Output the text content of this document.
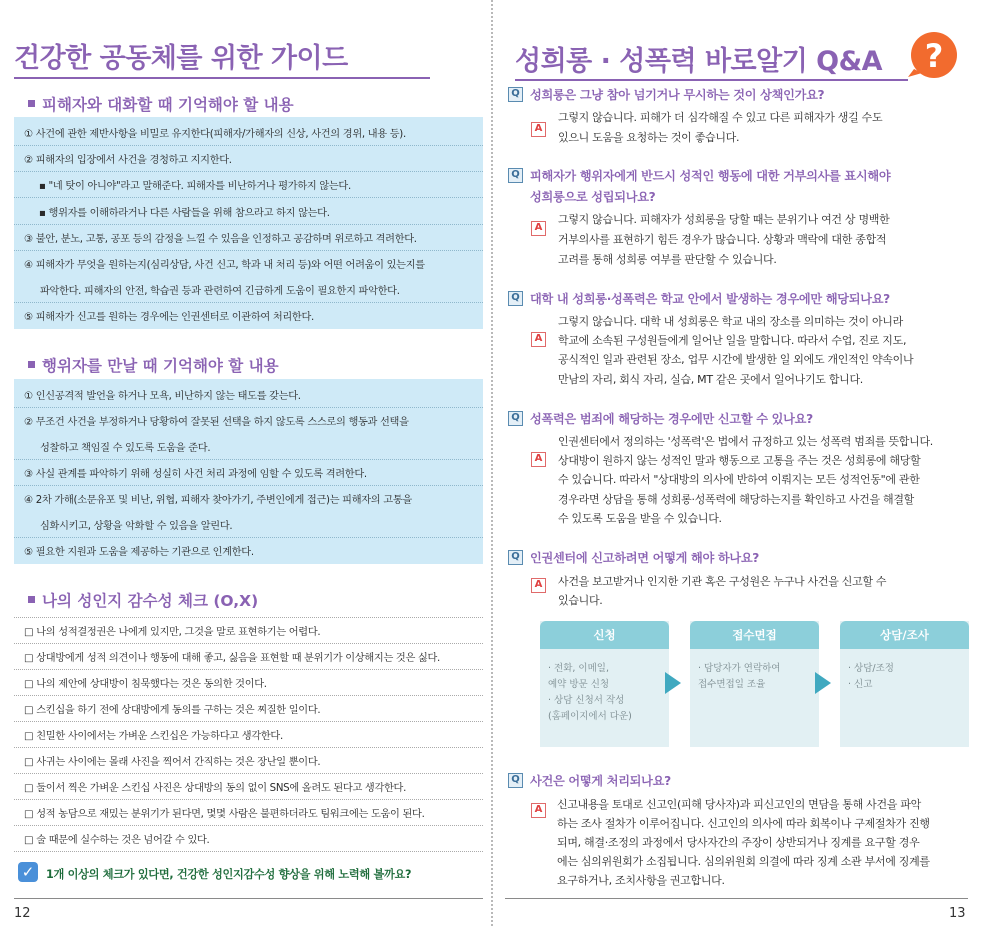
건강한 공동체를 위한 가이드
피해자와 대화할 때 기억해야 할 내용
① 사건에 관한 제반사항을 비밀로 유지한다(피해자/가해자의 신상, 사건의 경위, 내용 등).
② 피해자의 입장에서 사건을 경청하고 지지한다.
▪ "네 탓이 아니야"라고 말해준다. 피해자를 비난하거나 평가하지 않는다.
▪ 행위자를 이해하라거나 다른 사람들을 위해 참으라고 하지 않는다.
③ 불안, 분노, 고통, 공포 등의 감정을 느낄 수 있음을 인정하고 공감하며 위로하고 격려한다.
④ 피해자가 무엇을 원하는지(심리상담, 사건 신고, 학과 내 처리 등)와 어떤 어려움이 있는지를
파악한다. 피해자의 안전, 학습권 등과 관련하여 긴급하게 도움이 필요한지 파악한다.
⑤ 피해자가 신고를 원하는 경우에는 인권센터로 이관하여 처리한다.
행위자를 만날 때 기억해야 할 내용
① 인신공격적 발언을 하거나 모욕, 비난하지 않는 태도를 갖는다.
② 무조건 사건을 부정하거나 당황하여 잘못된 선택을 하지 않도록 스스로의 행동과 선택을
성찰하고 책임질 수 있도록 도움을 준다.
③ 사실 관계를 파악하기 위해 성실히 사건 처리 과정에 임할 수 있도록 격려한다.
④ 2차 가해(소문유포 및 비난, 위협, 피해자 찾아가기, 주변인에게 접근)는 피해자의 고통을
심화시키고, 상황을 악화할 수 있음을 알린다.
⑤ 필요한 지원과 도움을 제공하는 기관으로 인계한다.
나의 성인지 감수성 체크 (O,X)
□ 나의 성적결정권은 나에게 있지만, 그것을 말로 표현하기는 어렵다.
□ 상대방에게 성적 의견이나 행동에 대해 좋고, 싫음을 표현할 때 분위기가 이상해지는 것은 싫다.
□ 나의 제안에 상대방이 침묵했다는 것은 동의한 것이다.
□ 스킨십을 하기 전에 상대방에게 동의를 구하는 것은 찌질한 일이다.
□ 친밀한 사이에서는 가벼운 스킨십은 가능하다고 생각한다.
□ 사귀는 사이에는 몰래 사진을 찍어서 간직하는 것은 장난일 뿐이다.
□ 둘이서 찍은 가벼운 스킨십 사진은 상대방의 동의 없이 SNS에 올려도 된다고 생각한다.
□ 성적 농담으로 재밌는 분위기가 된다면, 몇몇 사람은 불편하더라도 팀워크에는 도움이 된다.
□ 술 때문에 실수하는 것은 넘어갈 수 있다.
✓	1개 이상의 체크가 있다면, 건강한 성인지감수성 향상을 위해 노력해 볼까요?
12
성희롱 · 성폭력 바로알기 Q&A ?
Q 성희롱은 그냥 참아 넘기거나 무시하는 것이 상책인가요?
A
그렇지 않습니다. 피해가 더 심각해질 수 있고 다른 피해자가 생길 수도
있으니 도움을 요청하는 것이 좋습니다.
Q 피해자가 행위자에게 반드시 성적인 행동에 대한 거부의사를 표시해야
성희롱으로 성립되나요?
A
그렇지 않습니다. 피해자가 성희롱을 당할 때는 분위기나 여건 상 명백한
거부의사를 표현하기 힘든 경우가 많습니다. 상황과 맥락에 대한 종합적
고려를 통해 성희롱 여부를 판단할 수 있습니다.
Q 대학 내 성희롱·성폭력은 학교 안에서 발생하는 경우에만 해당되나요?
A
그렇지 않습니다. 대학 내 성희롱은 학교 내의 장소를 의미하는 것이 아니라
학교에 소속된 구성원들에게 일어난 일을 말합니다. 따라서 수업, 진로 지도,
공식적인 일과 관련된 장소, 업무 시간에 발생한 일 외에도 개인적인 약속이나
만남의 자리, 회식 자리, 실습, MT 같은 곳에서 일어나기도 합니다.
Q 성폭력은 범죄에 해당하는 경우에만 신고할 수 있나요?
A
인권센터에서 정의하는 '성폭력'은 법에서 규정하고 있는 성폭력 범죄를 뜻합니다.
상대방이 원하지 않는 성적인 말과 행동으로 고통을 주는 것은 성희롱에 해당할
수 있습니다. 따라서 "상대방의 의사에 반하여 이뤄지는 모든 성적언동"에 관한
경우라면 상담을 통해 성희롱·성폭력에 해당하는지를 확인하고 사건을 해결할
수 있도록 도움을 받을 수 있습니다.
Q 인권센터에 신고하려면 어떻게 해야 하나요?
A	사건을 보고받거나 인지한 기관 혹은 구성원은 누구나 사건을 신고할 수
있습니다.
신청
· 전화, 이메일,
예약 방문 신청
· 상담 신청서 작성
(홈페이지에서 다운)
접수면접
· 담당자가 연락하여
접수면접일 조율
상담/조사
· 상담/조정
· 신고
Q 사건은 어떻게 처리되나요?
A	신고내용을 토대로 신고인(피해 당사자)과 피신고인의 면담을 통해 사건을 파악
하는 조사 절차가 이루어집니다. 신고인의 의사에 따라 회복이나 구제절차가 진행
되며, 해결·조정의 과정에서 당사자간의 주장이 상반되거나 징계를 요구할 경우
에는 심의위원회가 소집됩니다. 심의위원회 의결에 따라 징계 소관 부서에 징계를
요구하거나, 조치사항을 권고합니다.
13
